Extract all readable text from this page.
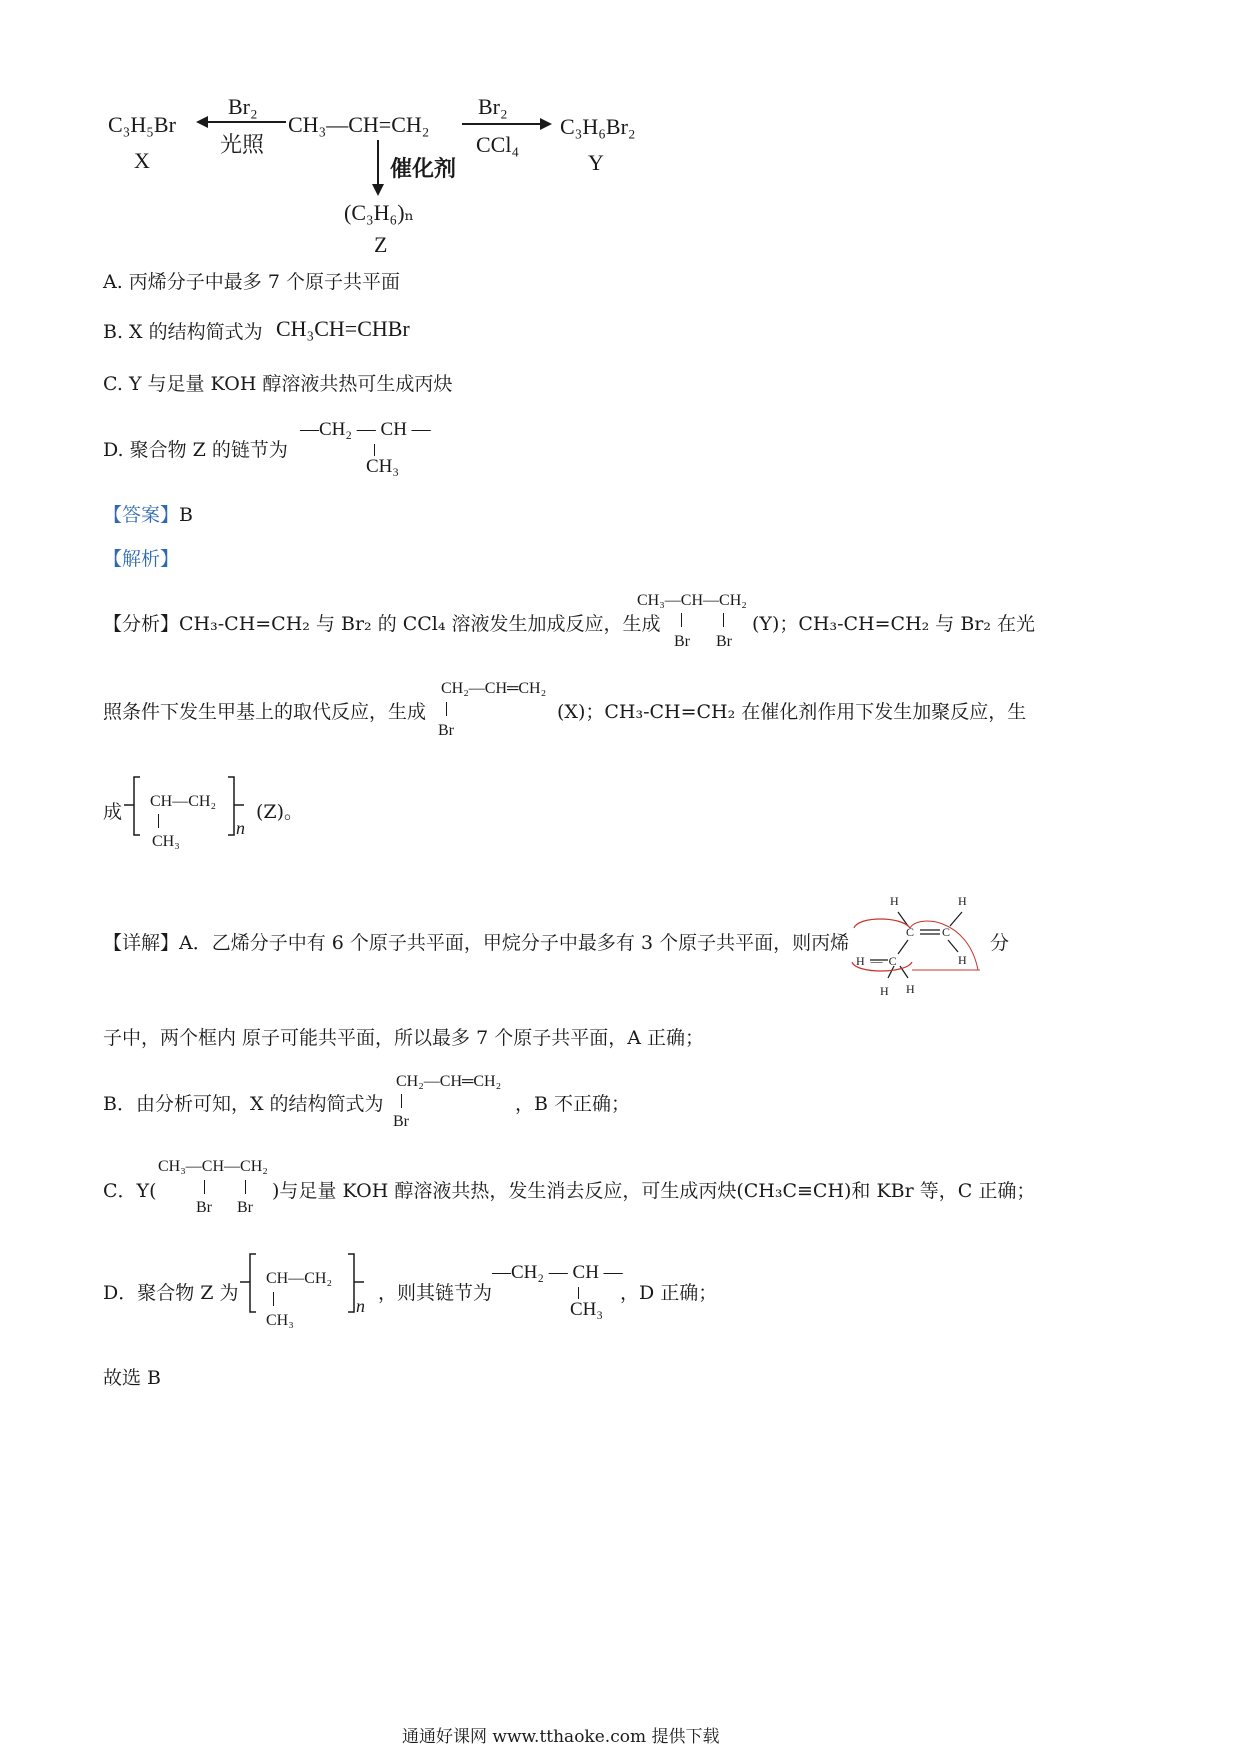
C₃H₅Br
X
Br₂
光照
CH₃—CH=CH₂
Br₂
CCl₄
C₃H₆Br₂
Y
催化剂
(C₃H₆)ₙ
Z
A. 丙烯分子中最多 7 个原子共平面
B. X 的结构简式为 CH₃CH=CHBr
C. Y 与足量 KOH 醇溶液共热可生成丙炔
D. 聚合物 Z 的链节为
—CH₂ — CH —
CH₃
【答案】B
【解析】
【分析】CH₃-CH=CH₂ 与 Br₂ 的 CCl₄ 溶液发生加成反应，生成
CH₃—CH—CH₂
Br Br
(Y)；CH₃-CH=CH₂ 与 Br₂ 在光
照条件下发生甲基上的取代反应，生成
CH₂—CH═CH₂
Br
(X)；CH₃-CH=CH₂ 在催化剂作用下发生加聚反应，生
成 CH—CH₂
CH₃
n
(Z)。
【详解】A．乙烯分子中有 6 个原子共平面，甲烷分子中最多有 3 个原子共平面，则丙烯
H	H
C C
H
H—C
H H
分
子中，两个框内 原子可能共平面，所以最多 7 个原子共平面，A 正确；
B．由分析可知，X 的结构简式为
CH₂—CH═CH₂
Br
，B 不正确；
C．Y(
CH₃—CH—CH₂
Br Br
)与足量 KOH 醇溶液共热，发生消去反应，可生成丙炔(CH₃C≡CH)和 KBr 等，C 正确；
D．聚合物 Z 为
CH—CH₂
CH₃
n
，则其链节为
—CH₂ — CH —
CH₃
，D 正确；
故选 B
通通好课网 www.tthaoke.com 提供下载
